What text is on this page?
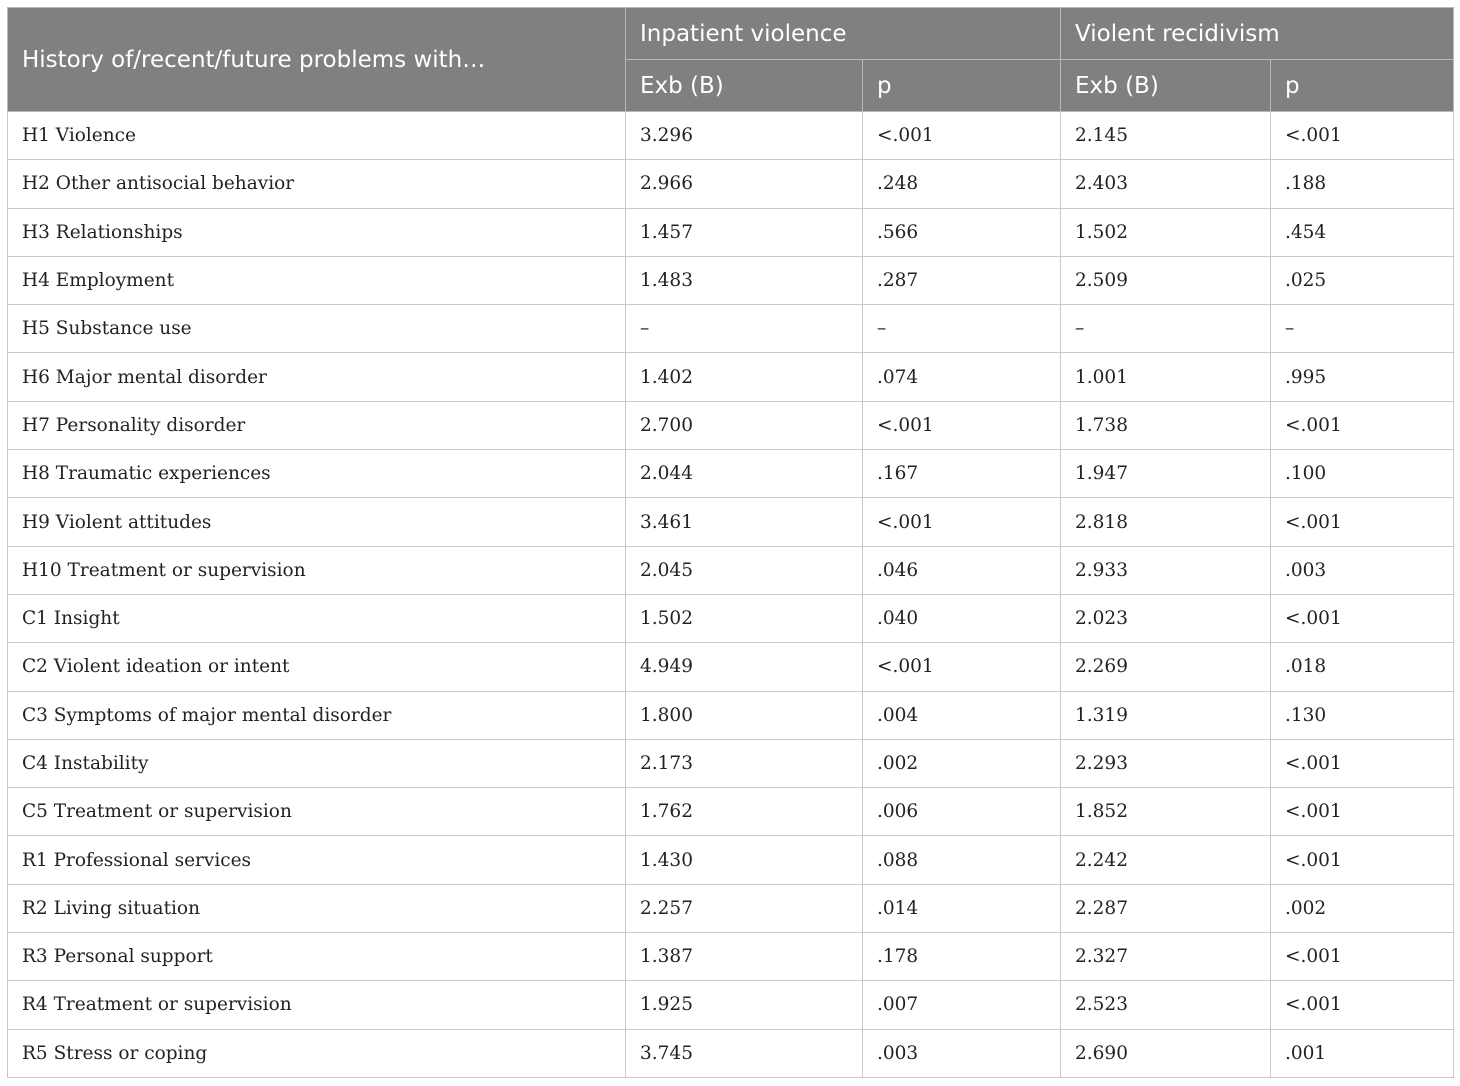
History of/recent/future problems with…	Inpatient violence		Violent recidivism	
	Exb (B)	p	Exb (B)	p
H1 Violence	3.296	<.001	2.145	<.001
H2 Other antisocial behavior	2.966	.248	2.403	.188
H3 Relationships	1.457	.566	1.502	.454
H4 Employment	1.483	.287	2.509	.025
H5 Substance use	–	–	–	–
H6 Major mental disorder	1.402	.074	1.001	.995
H7 Personality disorder	2.700	<.001	1.738	<.001
H8 Traumatic experiences	2.044	.167	1.947	.100
H9 Violent attitudes	3.461	<.001	2.818	<.001
H10 Treatment or supervision	2.045	.046	2.933	.003
C1 Insight	1.502	.040	2.023	<.001
C2 Violent ideation or intent	4.949	<.001	2.269	.018
C3 Symptoms of major mental disorder	1.800	.004	1.319	.130
C4 Instability	2.173	.002	2.293	<.001
C5 Treatment or supervision	1.762	.006	1.852	<.001
R1 Professional services	1.430	.088	2.242	<.001
R2 Living situation	2.257	.014	2.287	.002
R3 Personal support	1.387	.178	2.327	<.001
R4 Treatment or supervision	1.925	.007	2.523	<.001
R5 Stress or coping	3.745	.003	2.690	.001
